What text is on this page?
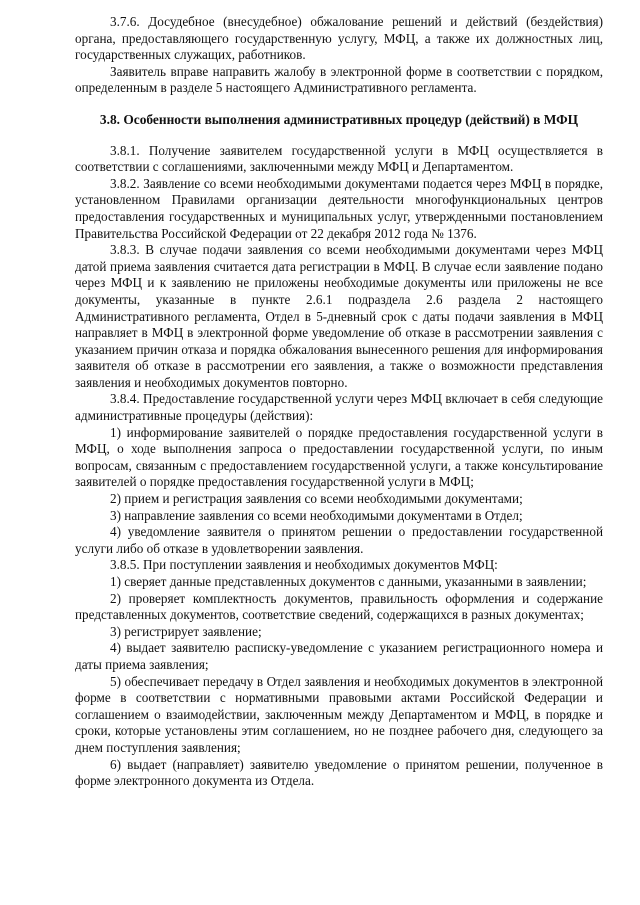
3.7.6. Досудебное (внесудебное) обжалование решений и действий (бездействия) органа, предоставляющего государственную услугу, МФЦ, а также их должностных лиц, государственных служащих, работников.

Заявитель вправе направить жалобу в электронной форме в соответствии с порядком, определенным в разделе 5 настоящего Административного регламента.

3.8. Особенности выполнения административных процедур (действий) в МФЦ

3.8.1. Получение заявителем государственной услуги в МФЦ осуществляется в соответствии с соглашениями, заключенными между МФЦ и Департаментом.

3.8.2. Заявление со всеми необходимыми документами подается через МФЦ в порядке, установленном Правилами организации деятельности многофункциональных центров предоставления государственных и муниципальных услуг, утвержденными постановлением Правительства Российской Федерации от 22 декабря 2012 года № 1376.

3.8.3. В случае подачи заявления со всеми необходимыми документами через МФЦ датой приема заявления считается дата регистрации в МФЦ. В случае если заявление подано через МФЦ и к заявлению не приложены необходимые документы или приложены не все документы, указанные в пункте 2.6.1 подраздела 2.6 раздела 2 настоящего Административного регламента, Отдел в 5-дневный срок с даты подачи заявления в МФЦ направляет в МФЦ в электронной форме уведомление об отказе в рассмотрении заявления с указанием причин отказа и порядка обжалования вынесенного решения для информирования заявителя об отказе в рассмотрении его заявления, а также о возможности представления заявления и необходимых документов повторно.

3.8.4. Предоставление государственной услуги через МФЦ включает в себя следующие административные процедуры (действия):

1) информирование заявителей о порядке предоставления государственной услуги в МФЦ, о ходе выполнения запроса о предоставлении государственной услуги, по иным вопросам, связанным с предоставлением государственной услуги, а также консультирование заявителей о порядке предоставления государственной услуги в МФЦ;

2) прием и регистрация заявления со всеми необходимыми документами;

3) направление заявления со всеми необходимыми документами в Отдел;

4) уведомление заявителя о принятом решении о предоставлении государственной услуги либо об отказе в удовлетворении заявления.

3.8.5. При поступлении заявления и необходимых документов МФЦ:

1) сверяет данные представленных документов с данными, указанными в заявлении;

2) проверяет комплектность документов, правильность оформления и содержание представленных документов, соответствие сведений, содержащихся в разных документах;

3) регистрирует заявление;

4) выдает заявителю расписку-уведомление с указанием регистрационного номера и даты приема заявления;

5) обеспечивает передачу в Отдел заявления и необходимых документов в электронной форме в соответствии с нормативными правовыми актами Российской Федерации и соглашением о взаимодействии, заключенным между Департаментом и МФЦ, в порядке и сроки, которые установлены этим соглашением, но не позднее рабочего дня, следующего за днем поступления заявления;

6) выдает (направляет) заявителю уведомление о принятом решении, полученное в форме электронного документа из Отдела.
